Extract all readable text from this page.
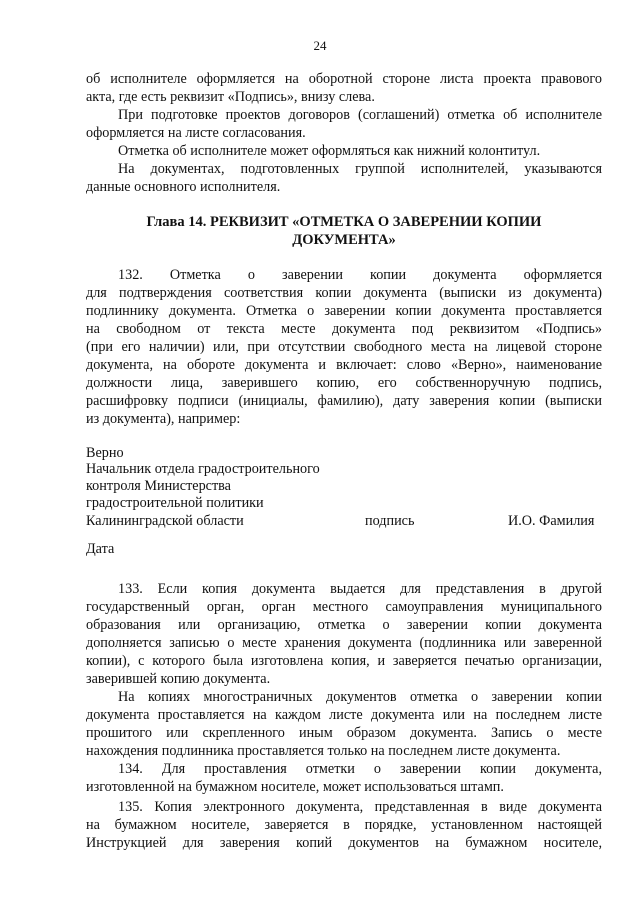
24
об исполнителе оформляется на оборотной стороне листа проекта правового
акта, где есть реквизит «Подпись», внизу слева.
При подготовке проектов договоров (соглашений) отметка об исполнителе
оформляется на листе согласования.
Отметка об исполнителе может оформляться как нижний колонтитул.
На документах, подготовленных группой исполнителей, указываются
данные основного исполнителя.
Глава 14. РЕКВИЗИТ «ОТМЕТКА О ЗАВЕРЕНИИ КОПИИ
ДОКУМЕНТА»
132. Отметка о заверении копии документа оформляется
для подтверждения соответствия копии документа (выписки из документа)
подлиннику документа. Отметка о заверении копии документа проставляется
на свободном от текста месте документа под реквизитом «Подпись»
(при его наличии) или, при отсутствии свободного места на лицевой стороне
документа, на обороте документа и включает: слово «Верно», наименование
должности лица, заверившего копию, его собственноручную подпись,
расшифровку подписи (инициалы, фамилию), дату заверения копии (выписки
из документа), например:
Верно
Начальник отдела градостроительного
контроля Министерства
градостроительной политики
Калининградской области	подпись	И.О. Фамилия
Дата
133. Если копия документа выдается для представления в другой
государственный орган, орган местного самоуправления муниципального
образования или организацию, отметка о заверении копии документа
дополняется записью о месте хранения документа (подлинника или заверенной
копии), с которого была изготовлена копия, и заверяется печатью организации,
заверившей копию документа.
На копиях многостраничных документов отметка о заверении копии
документа проставляется на каждом листе документа или на последнем листе
прошитого или скрепленного иным образом документа. Запись о месте
нахождения подлинника проставляется только на последнем листе документа.
134. Для проставления отметки о заверении копии документа,
изготовленной на бумажном носителе, может использоваться штамп.
135. Копия электронного документа, представленная в виде документа
на бумажном носителе, заверяется в порядке, установленном настоящей
Инструкцией для заверения копий документов на бумажном носителе,
